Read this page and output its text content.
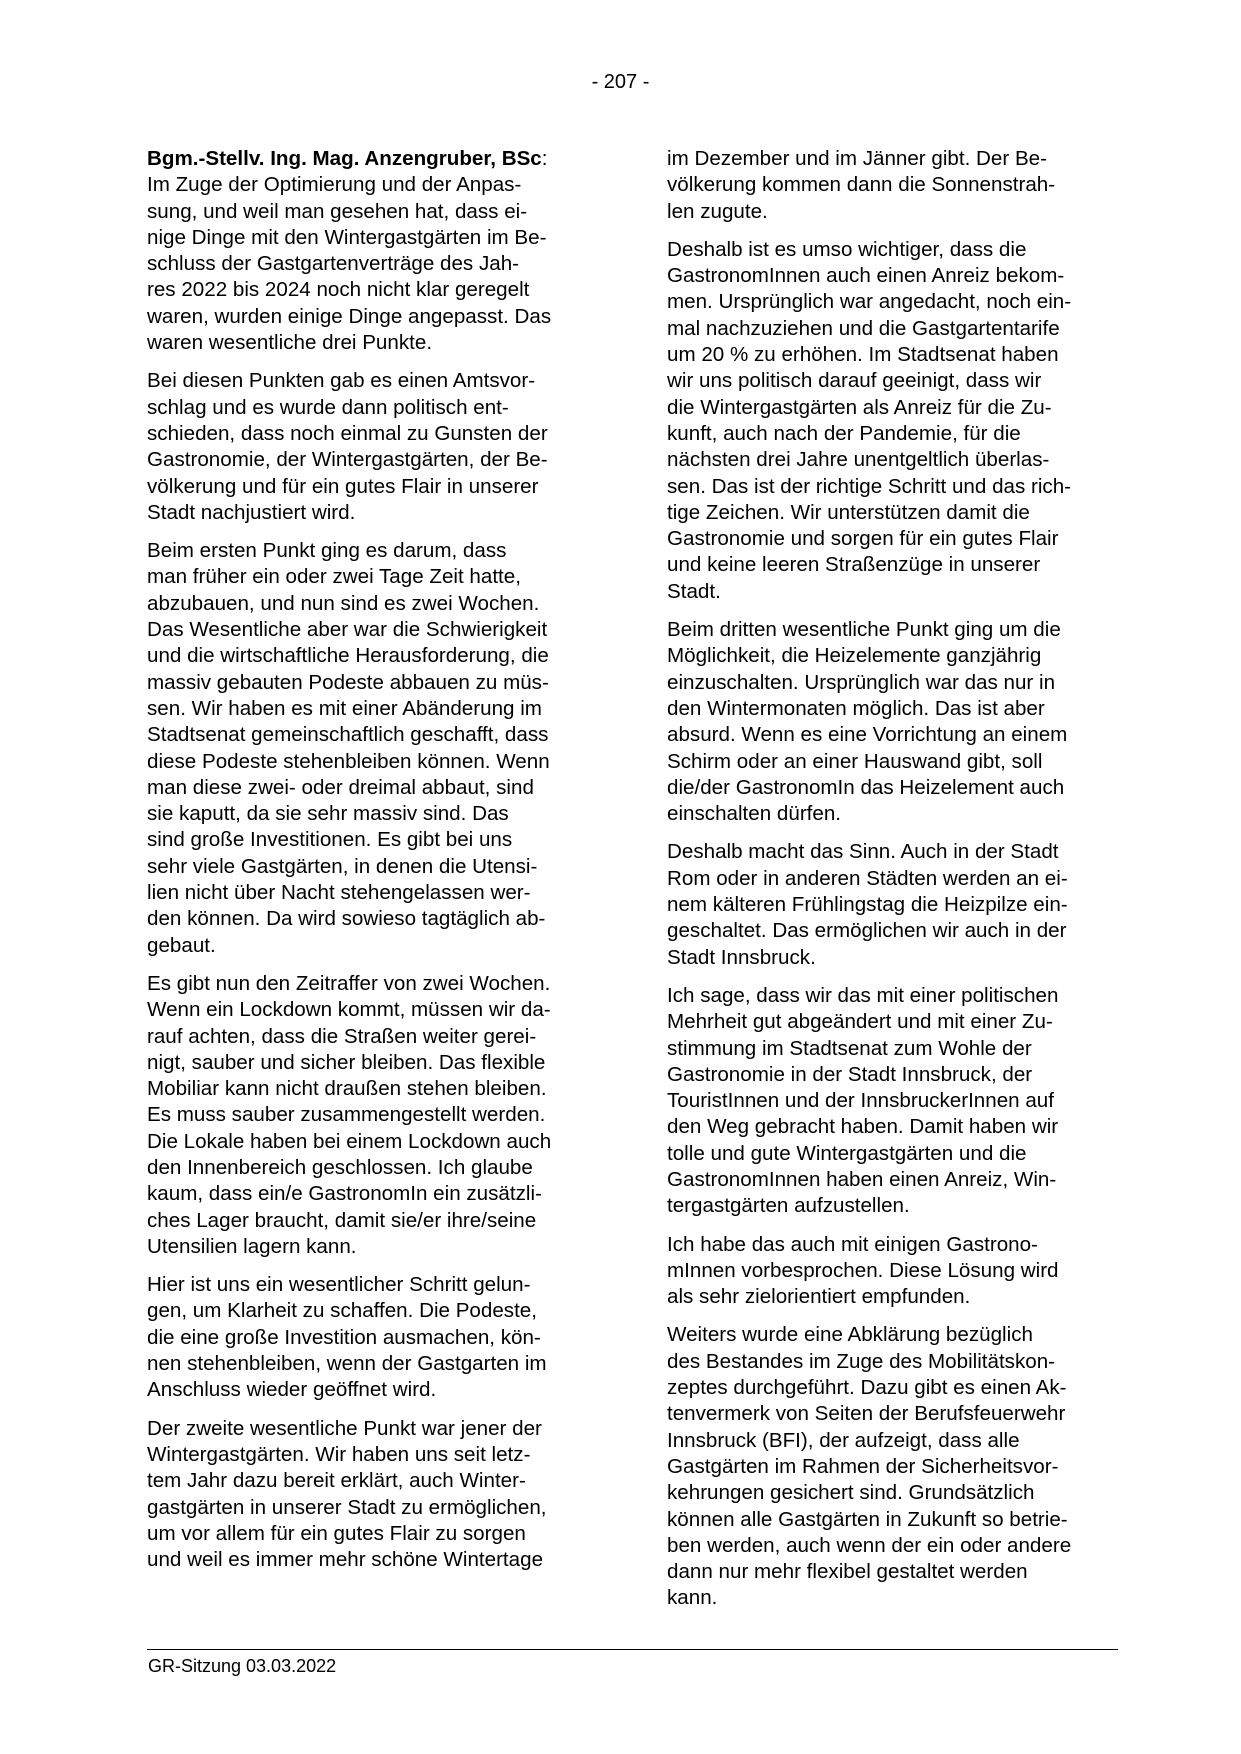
- 207 -

Bgm.-Stellv. Ing. Mag. Anzengruber, BSc:
Im Zuge der Optimierung und der Anpas-
sung, und weil man gesehen hat, dass ei-
nige Dinge mit den Wintergastgärten im Be-
schluss der Gastgartenverträge des Jah-
res 2022 bis 2024 noch nicht klar geregelt
waren, wurden einige Dinge angepasst. Das
waren wesentliche drei Punkte.

Bei diesen Punkten gab es einen Amtsvor-
schlag und es wurde dann politisch ent-
schieden, dass noch einmal zu Gunsten der
Gastronomie, der Wintergastgärten, der Be-
völkerung und für ein gutes Flair in unserer
Stadt nachjustiert wird.

Beim ersten Punkt ging es darum, dass
man früher ein oder zwei Tage Zeit hatte,
abzubauen, und nun sind es zwei Wochen.
Das Wesentliche aber war die Schwierigkeit
und die wirtschaftliche Herausforderung, die
massiv gebauten Podeste abbauen zu müs-
sen. Wir haben es mit einer Abänderung im
Stadtsenat gemeinschaftlich geschafft, dass
diese Podeste stehenbleiben können. Wenn
man diese zwei- oder dreimal abbaut, sind
sie kaputt, da sie sehr massiv sind. Das
sind große Investitionen. Es gibt bei uns
sehr viele Gastgärten, in denen die Utensi-
lien nicht über Nacht stehengelassen wer-
den können. Da wird sowieso tagtäglich ab-
gebaut.

Es gibt nun den Zeitraffer von zwei Wochen.
Wenn ein Lockdown kommt, müssen wir da-
rauf achten, dass die Straßen weiter gerei-
nigt, sauber und sicher bleiben. Das flexible
Mobiliar kann nicht draußen stehen bleiben.
Es muss sauber zusammengestellt werden.
Die Lokale haben bei einem Lockdown auch
den Innenbereich geschlossen. Ich glaube
kaum, dass ein/e GastronomIn ein zusätzli-
ches Lager braucht, damit sie/er ihre/seine
Utensilien lagern kann.

Hier ist uns ein wesentlicher Schritt gelun-
gen, um Klarheit zu schaffen. Die Podeste,
die eine große Investition ausmachen, kön-
nen stehenbleiben, wenn der Gastgarten im
Anschluss wieder geöffnet wird.

Der zweite wesentliche Punkt war jener der
Wintergastgärten. Wir haben uns seit letz-
tem Jahr dazu bereit erklärt, auch Winter-
gastgärten in unserer Stadt zu ermöglichen,
um vor allem für ein gutes Flair zu sorgen
und weil es immer mehr schöne Wintertage

im Dezember und im Jänner gibt. Der Be-
völkerung kommen dann die Sonnenstrah-
len zugute.

Deshalb ist es umso wichtiger, dass die
GastronomInnen auch einen Anreiz bekom-
men. Ursprünglich war angedacht, noch ein-
mal nachzuziehen und die Gastgartentarife
um 20 % zu erhöhen. Im Stadtsenat haben
wir uns politisch darauf geeinigt, dass wir
die Wintergastgärten als Anreiz für die Zu-
kunft, auch nach der Pandemie, für die
nächsten drei Jahre unentgeltlich überlas-
sen. Das ist der richtige Schritt und das rich-
tige Zeichen. Wir unterstützen damit die
Gastronomie und sorgen für ein gutes Flair
und keine leeren Straßenzüge in unserer
Stadt.

Beim dritten wesentliche Punkt ging um die
Möglichkeit, die Heizelemente ganzjährig
einzuschalten. Ursprünglich war das nur in
den Wintermonaten möglich. Das ist aber
absurd. Wenn es eine Vorrichtung an einem
Schirm oder an einer Hauswand gibt, soll
die/der GastronomIn das Heizelement auch
einschalten dürfen.

Deshalb macht das Sinn. Auch in der Stadt
Rom oder in anderen Städten werden an ei-
nem kälteren Frühlingstag die Heizpilze ein-
geschaltet. Das ermöglichen wir auch in der
Stadt Innsbruck.

Ich sage, dass wir das mit einer politischen
Mehrheit gut abgeändert und mit einer Zu-
stimmung im Stadtsenat zum Wohle der
Gastronomie in der Stadt Innsbruck, der
TouristInnen und der InnsbruckerInnen auf
den Weg gebracht haben. Damit haben wir
tolle und gute Wintergastgärten und die
GastronomInnen haben einen Anreiz, Win-
tergastgärten aufzustellen.

Ich habe das auch mit einigen Gastrono-
mInnen vorbesprochen. Diese Lösung wird
als sehr zielorientiert empfunden.

Weiters wurde eine Abklärung bezüglich
des Bestandes im Zuge des Mobilitätskon-
zeptes durchgeführt. Dazu gibt es einen Ak-
tenvermerk von Seiten der Berufsfeuerwehr
Innsbruck (BFI), der aufzeigt, dass alle
Gastgärten im Rahmen der Sicherheitsvor-
kehrungen gesichert sind. Grundsätzlich
können alle Gastgärten in Zukunft so betrie-
ben werden, auch wenn der ein oder andere
dann nur mehr flexibel gestaltet werden
kann.

GR-Sitzung 03.03.2022
